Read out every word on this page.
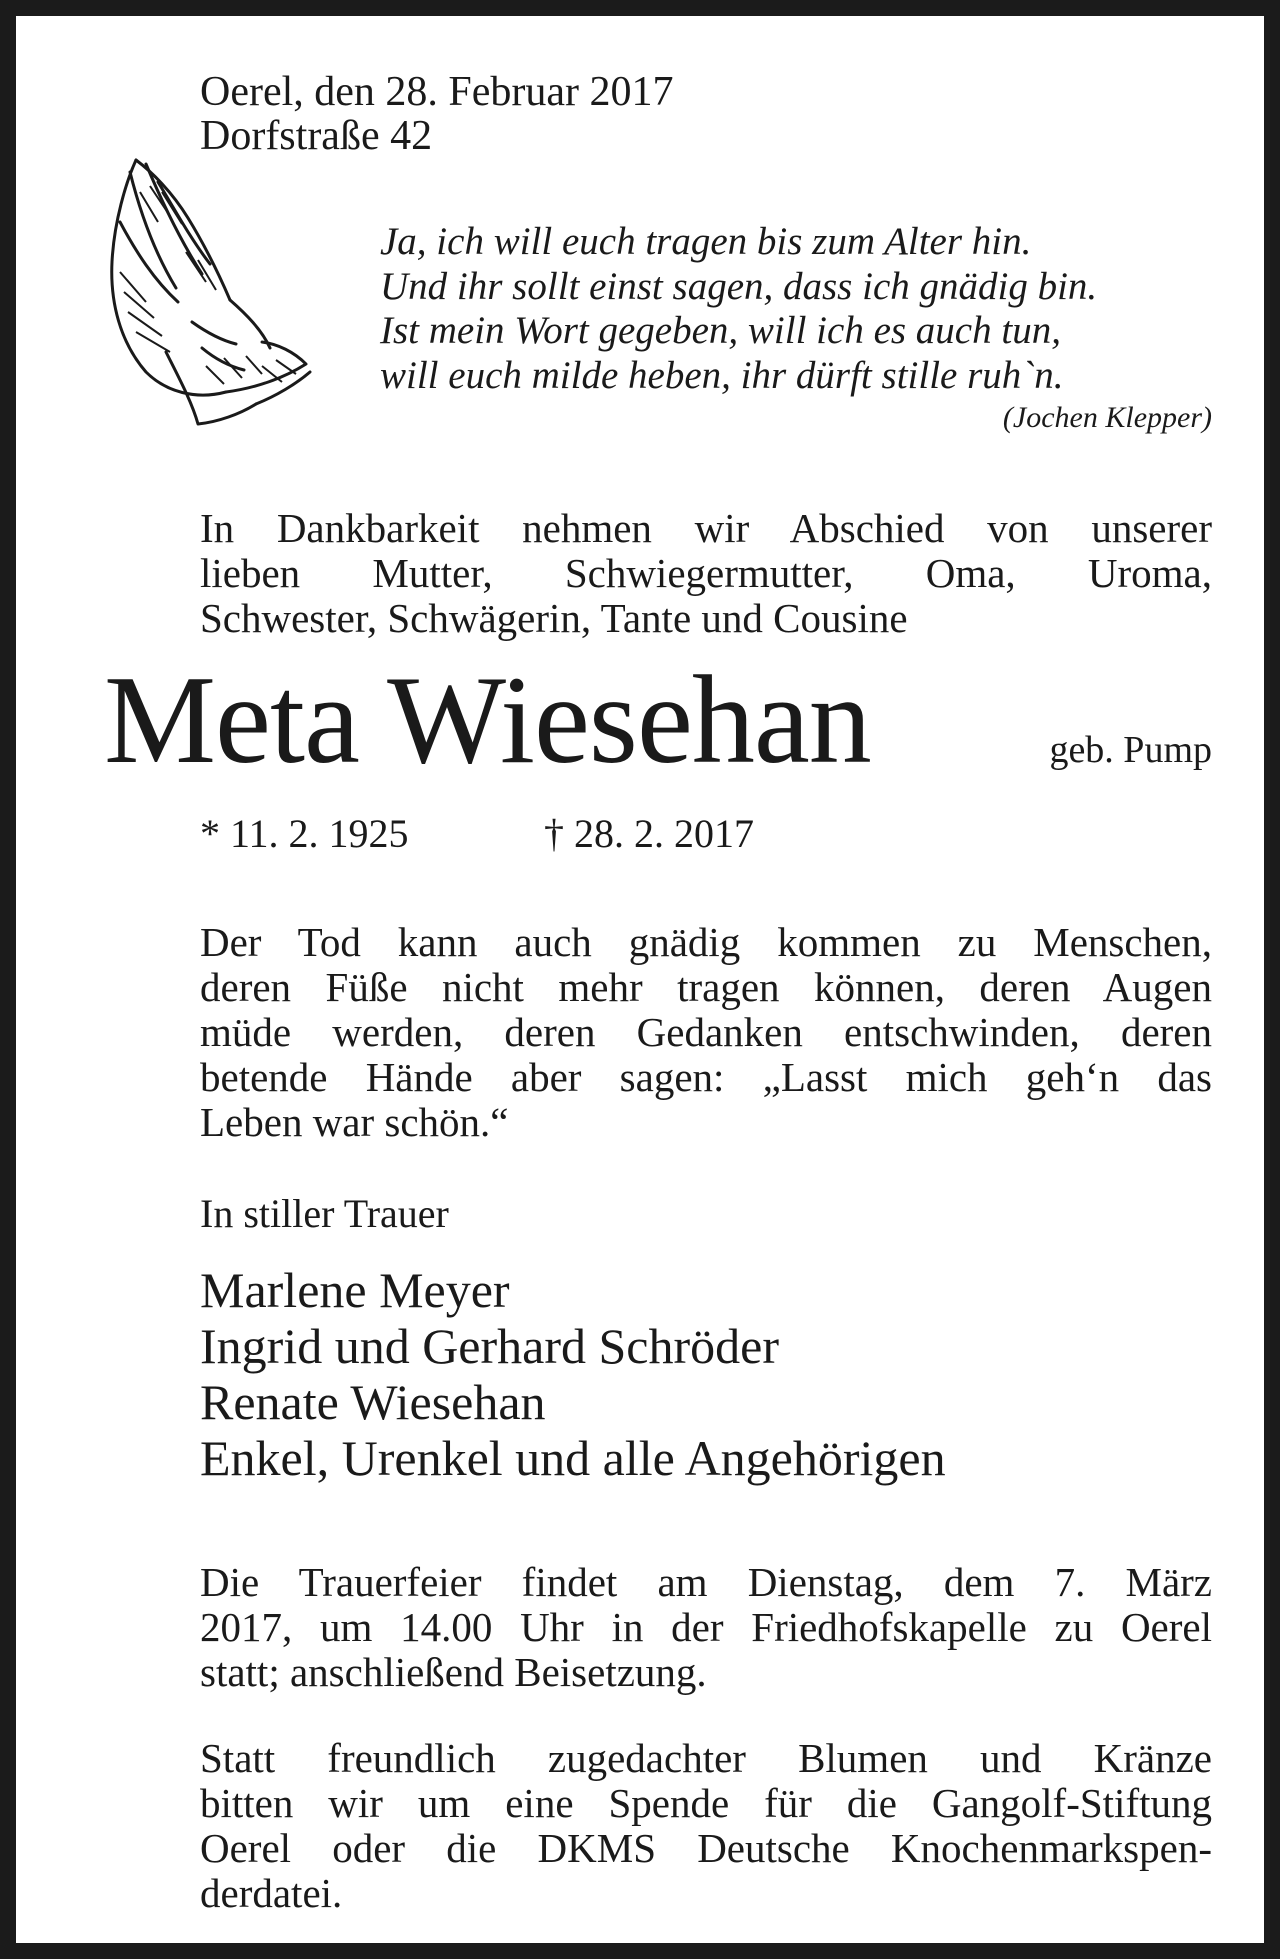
Oerel, den 28. Februar 2017
Dorfstraße 42
Ja, ich will euch tragen bis zum Alter hin.
Und ihr sollt einst sagen, dass ich gnädig bin.
Ist mein Wort gegeben, will ich es auch tun,
will euch milde heben, ihr dürft stille ruh`n.
(Jochen Klepper)
In Dankbarkeit nehmen wir Abschied von unserer
lieben Mutter, Schwiegermutter, Oma, Uroma,
Schwester, Schwägerin, Tante und Cousine
Meta Wiesehan	geb. Pump
* 11. 2. 1925	† 28. 2. 2017
Der Tod kann auch gnädig kommen zu Menschen,
deren Füße nicht mehr tragen können, deren Augen
müde werden, deren Gedanken entschwinden, deren
betende Hände aber sagen: „Lasst mich geh‘n das
Leben war schön.“
In stiller Trauer
Marlene Meyer
Ingrid und Gerhard Schröder
Renate Wiesehan
Enkel, Urenkel und alle Angehörigen
Die Trauerfeier findet am Dienstag, dem 7. März
2017, um 14.00 Uhr in der Friedhofskapelle zu Oerel
statt; anschließend Beisetzung.
Statt freundlich zugedachter Blumen und Kränze
bitten wir um eine Spende für die Gangolf-Stiftung
Oerel oder die DKMS Deutsche Knochenmarkspen-
derdatei.
